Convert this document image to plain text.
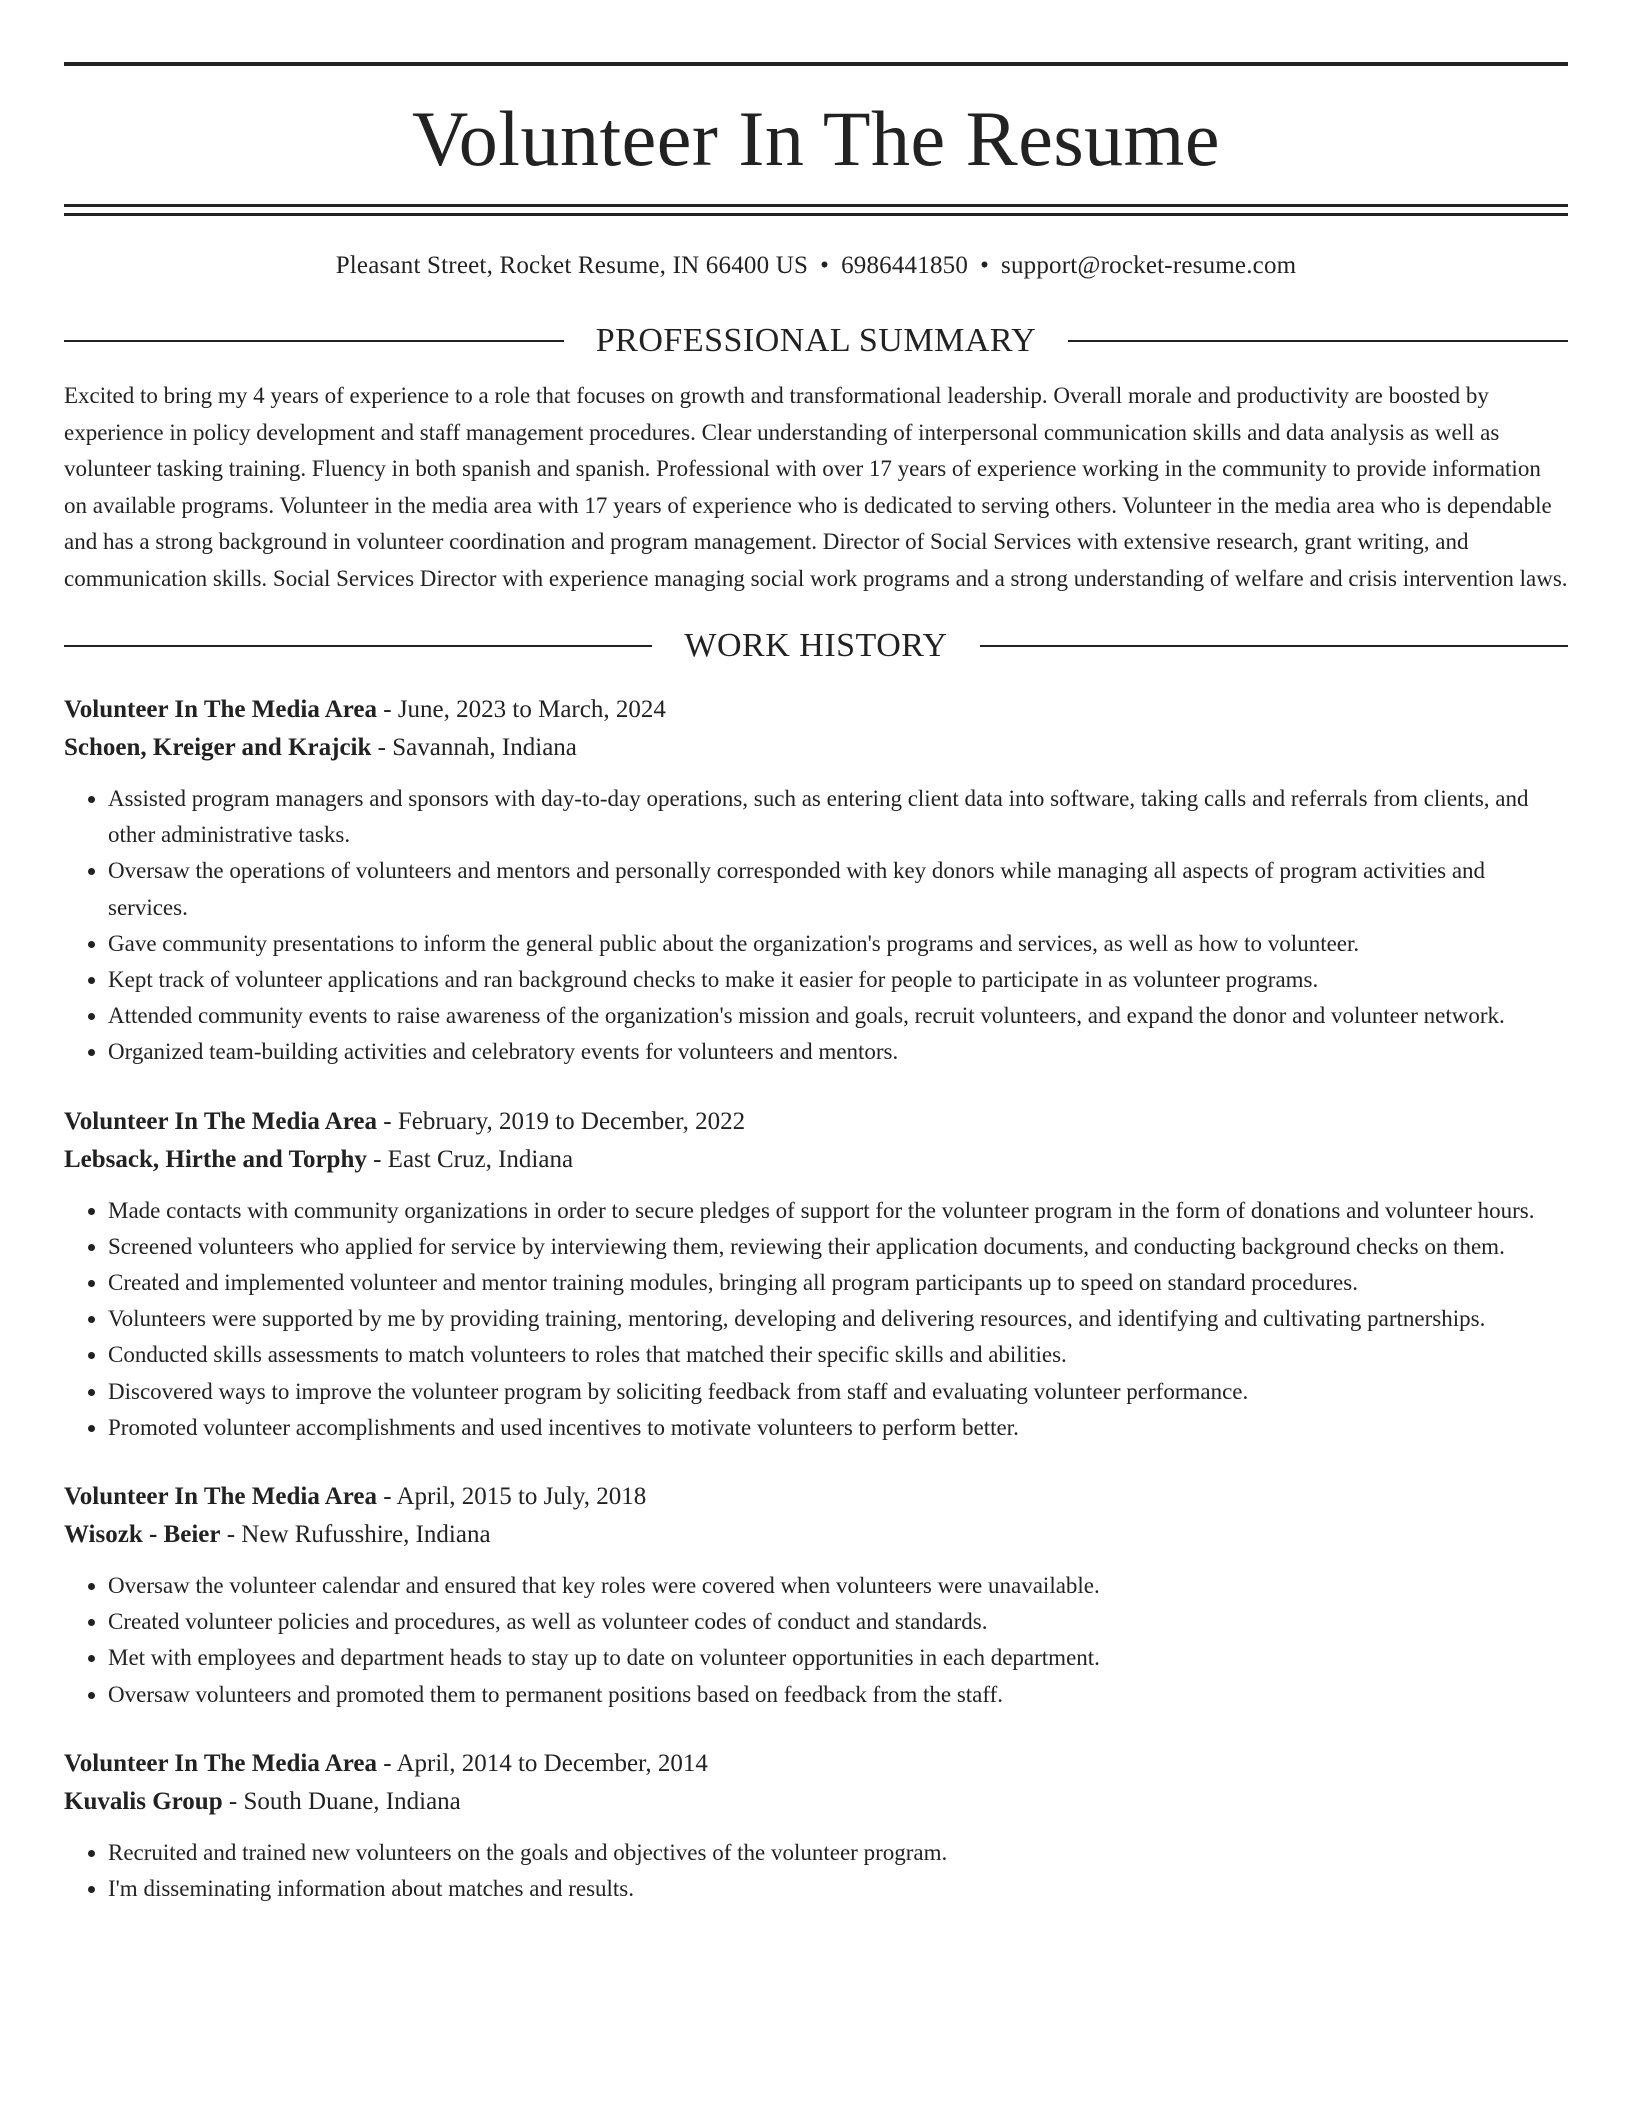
Volunteer In The Resume
Pleasant Street, Rocket Resume, IN 66400 US • 6986441850 • support@rocket-resume.com
PROFESSIONAL SUMMARY
Excited to bring my 4 years of experience to a role that focuses on growth and transformational leadership. Overall morale and productivity are boosted by experience in policy development and staff management procedures. Clear understanding of interpersonal communication skills and data analysis as well as volunteer tasking training. Fluency in both spanish and spanish. Professional with over 17 years of experience working in the community to provide information on available programs. Volunteer in the media area with 17 years of experience who is dedicated to serving others. Volunteer in the media area who is dependable and has a strong background in volunteer coordination and program management. Director of Social Services with extensive research, grant writing, and communication skills. Social Services Director with experience managing social work programs and a strong understanding of welfare and crisis intervention laws.
WORK HISTORY
Volunteer In The Media Area - June, 2023 to March, 2024
Schoen, Kreiger and Krajcik - Savannah, Indiana
• Assisted program managers and sponsors with day-to-day operations, such as entering client data into software, taking calls and referrals from clients, and other administrative tasks.
• Oversaw the operations of volunteers and mentors and personally corresponded with key donors while managing all aspects of program activities and services.
• Gave community presentations to inform the general public about the organization's programs and services, as well as how to volunteer.
• Kept track of volunteer applications and ran background checks to make it easier for people to participate in as volunteer programs.
• Attended community events to raise awareness of the organization's mission and goals, recruit volunteers, and expand the donor and volunteer network.
• Organized team-building activities and celebratory events for volunteers and mentors.
Volunteer In The Media Area - February, 2019 to December, 2022
Lebsack, Hirthe and Torphy - East Cruz, Indiana
• Made contacts with community organizations in order to secure pledges of support for the volunteer program in the form of donations and volunteer hours.
• Screened volunteers who applied for service by interviewing them, reviewing their application documents, and conducting background checks on them.
• Created and implemented volunteer and mentor training modules, bringing all program participants up to speed on standard procedures.
• Volunteers were supported by me by providing training, mentoring, developing and delivering resources, and identifying and cultivating partnerships.
• Conducted skills assessments to match volunteers to roles that matched their specific skills and abilities.
• Discovered ways to improve the volunteer program by soliciting feedback from staff and evaluating volunteer performance.
• Promoted volunteer accomplishments and used incentives to motivate volunteers to perform better.
Volunteer In The Media Area - April, 2015 to July, 2018
Wisozk - Beier - New Rufusshire, Indiana
• Oversaw the volunteer calendar and ensured that key roles were covered when volunteers were unavailable.
• Created volunteer policies and procedures, as well as volunteer codes of conduct and standards.
• Met with employees and department heads to stay up to date on volunteer opportunities in each department.
• Oversaw volunteers and promoted them to permanent positions based on feedback from the staff.
Volunteer In The Media Area - April, 2014 to December, 2014
Kuvalis Group - South Duane, Indiana
• Recruited and trained new volunteers on the goals and objectives of the volunteer program.
• I'm disseminating information about matches and results.
